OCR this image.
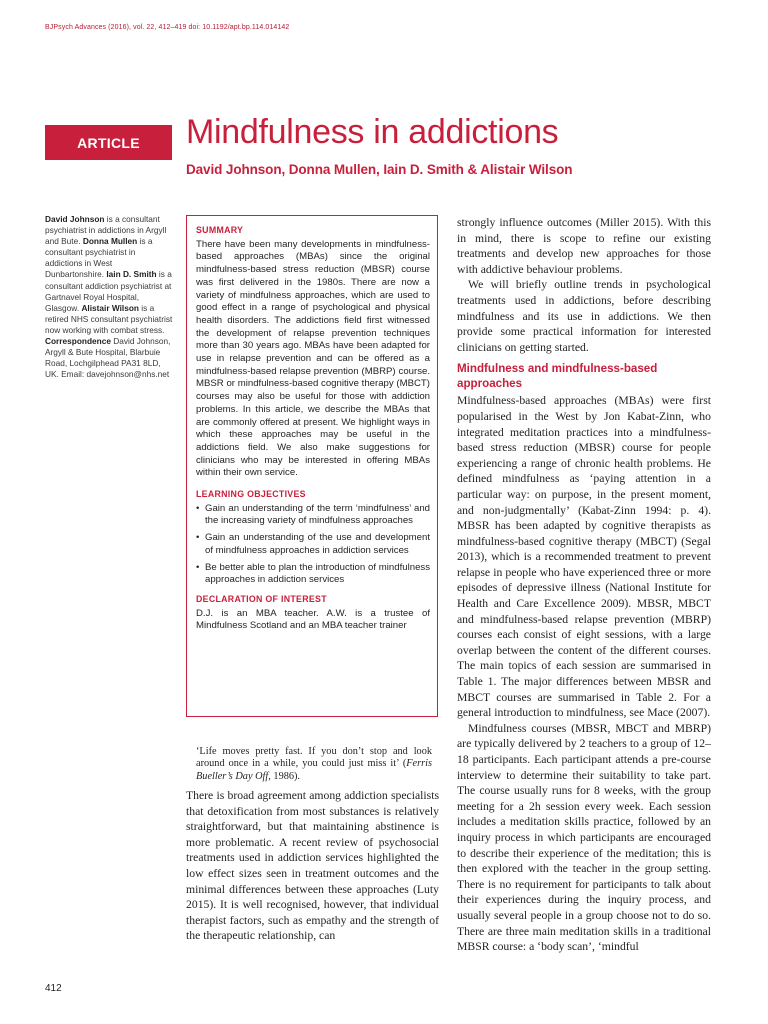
BJPsych Advances (2016), vol. 22, 412–419 doi: 10.1192/apt.bp.114.014142
ARTICLE	Mindfulness in addictions
David Johnson, Donna Mullen, Iain D. Smith & Alistair Wilson

David Johnson is a consultant psychiatrist in addictions in Argyll and Bute. Donna Mullen is a consultant psychiatrist in addictions in West Dunbartonshire. Iain D. Smith is a consultant addiction psychiatrist at Gartnavel Royal Hospital, Glasgow. Alistair Wilson is a retired NHS consultant psychiatrist now working with combat stress.

Correspondence David Johnson, Argyll & Bute Hospital, Blarbuie Road, Lochgilphead PA31 8LD, UK. Email: davejohnson@nhs.net

SUMMARY

There have been many developments in mindfulness-based approaches (MBAs) since the original mindfulness-based stress reduction (MBSR) course was first delivered in the 1980s. There are now a variety of mindfulness approaches, which are used to good effect in a range of psychological and physical health disorders. The addictions field first witnessed the development of relapse prevention techniques more than 30 years ago. MBAs have been adapted for use in relapse prevention and can be offered as a mindfulness-based relapse prevention (MBRP) course. MBSR or mindfulness-based cognitive therapy (MBCT) courses may also be useful for those with addiction problems. In this article, we describe the MBAs that are commonly offered at present. We highlight ways in which these approaches may be useful in the addictions field. We also make suggestions for clinicians who may be interested in offering MBAs within their own service.

LEARNING OBJECTIVES
• Gain an understanding of the term ‘mindfulness’ and the increasing variety of mindfulness approaches
• Gain an understanding of the use and development of mindfulness approaches in addiction services
• Be better able to plan the introduction of mindfulness approaches in addiction services
DECLARATION OF INTEREST

D.J. is an MBA teacher. A.W. is a trustee of Mindfulness Scotland and an MBA teacher trainer

‘Life moves pretty fast. If you don’t stop and look around once in a while, you could just miss it’ (Ferris Bueller’s Day Off, 1986).

There is broad agreement among addiction specialists that detoxification from most substances is relatively straightforward, but that maintaining abstinence is more problematic. A recent review of psychosocial treatments used in addiction services highlighted the low effect sizes seen in treatment outcomes and the minimal differences between these approaches (Luty 2015). It is well recognised, however, that individual therapist factors, such as empathy and the strength of the therapeutic relationship, can

strongly influence outcomes (Miller 2015). With this in mind, there is scope to refine our existing treatments and develop new approaches for those with addictive behaviour problems.

We will briefly outline trends in psychological treatments used in addictions, before describing mindfulness and its use in addictions. We then provide some practical information for interested clinicians on getting started.

Mindfulness and mindfulness-based approaches

Mindfulness-based approaches (MBAs) were first popularised in the West by Jon Kabat-Zinn, who integrated meditation practices into a mindfulness-based stress reduction (MBSR) course for people experiencing a range of chronic health problems. He defined mindfulness as ‘paying attention in a particular way: on purpose, in the present moment, and non-judgmentally’ (Kabat-Zinn 1994: p. 4). MBSR has been adapted by cognitive therapists as mindfulness-based cognitive therapy (MBCT) (Segal 2013), which is a recommended treatment to prevent relapse in people who have experienced three or more episodes of depressive illness (National Institute for Health and Care Excellence 2009). MBSR, MBCT and mindfulness-based relapse prevention (MBRP) courses each consist of eight sessions, with a large overlap between the content of the different courses. The main topics of each session are summarised in Table 1. The major differences between MBSR and MBCT courses are summarised in Table 2. For a general introduction to mindfulness, see Mace (2007).

Mindfulness courses (MBSR, MBCT and MBRP) are typically delivered by 2 teachers to a group of 12–18 participants. Each participant attends a pre-course interview to determine their suitability to take part. The course usually runs for 8 weeks, with the group meeting for a 2h session every week. Each session includes a meditation skills practice, followed by an inquiry process in which participants are encouraged to describe their experience of the meditation; this is then explored with the teacher in the group setting. There is no requirement for participants to talk about their experiences during the inquiry process, and usually several people in a group choose not to do so. There are three main meditation skills in a traditional MBSR course: a ‘body scan’, ‘mindful

412
